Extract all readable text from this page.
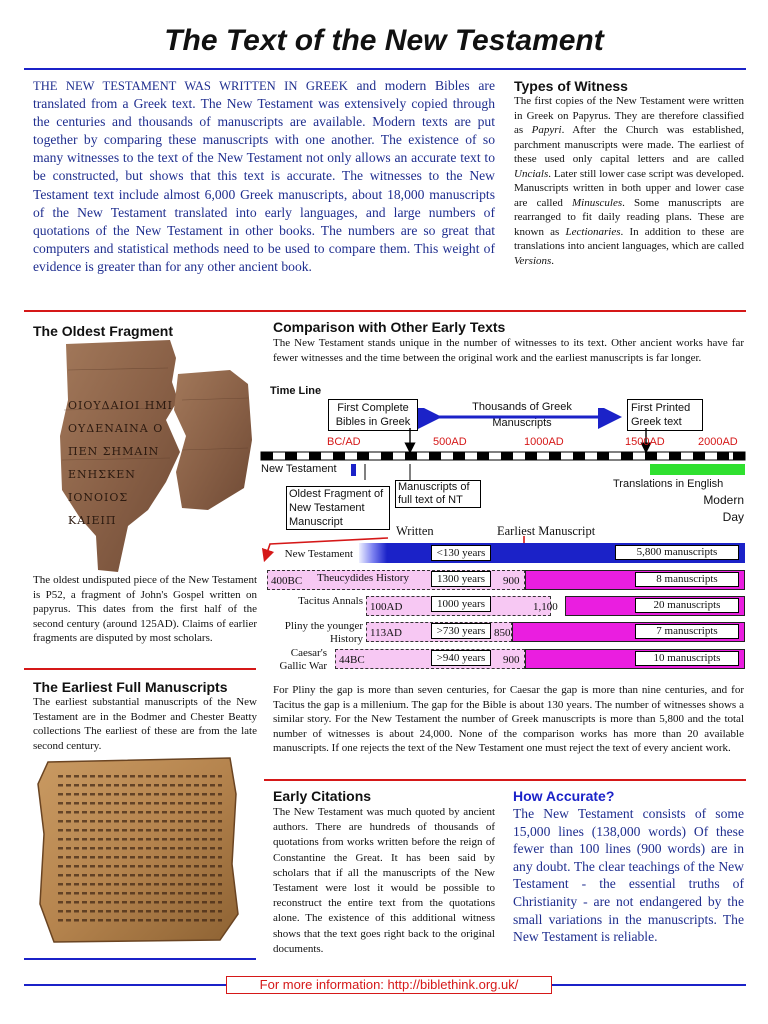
The Text of the New Testament
THE NEW TESTAMENT WAS WRITTEN IN GREEK and modern Bibles are translated from a Greek text. The New Testament was extensively copied through the centuries and thousands of manuscripts are available. Modern texts are put together by comparing these manuscripts with one another. The existence of so many witnesses to the text of the New Testament not only allows an accurate text to be constructed, but shows that this text is accurate. The witnesses to the New Testament text include almost 6,000 Greek manuscripts, about 18,000 manuscripts of the New Testament translated into early languages, and large numbers of quotations of the New Testament in other books. The numbers are so great that computers and statistical methods need to be used to compare them. This weight of evidence is greater than for any other ancient book.
Types of Witness
The first copies of the New Testament were written in Greek on Papyrus. They are therefore classified as Papyri. After the Church was established, parchment manuscripts were made. The earliest of these used only capital letters and are called Uncials. Later still lower case script was developed. Manuscripts written in both upper and lower case are called Minuscules. Some manuscripts are rearranged to fit daily reading plans. These are known as Lectionaries. In addition to these are translations into ancient languages, which are called Versions.
The Oldest Fragment
ΟΙΟΥΔΑΙΟΙ ΗΜΙ
ΟΥΔΕΝΑΙΝΑ Ο
ΠΕΝ ΣΗΜΑΙΝ
ΕΝΗΣΚΕΝ
ΙΟΝΟΙΟΣ
ΚΑΙΕΙΠ
The oldest undisputed piece of the New Testament is P52, a fragment of John's Gospel written on papyrus. This dates from the first half of the second century (around 125AD). Claims of earlier fragments are disputed by most scholars.
Comparison with Other Early Texts
The New Testament stands unique in the number of witnesses to its text. Other ancient works have far fewer witnesses and the time between the original work and the earliest manuscripts is far longer.
Time Line
First Complete Bibles in Greek
Thousands of Greek Manuscripts
First Printed Greek text
BC/AD	500AD	1000AD	1500AD	2000AD
New Testament
Manuscripts of full text of NT
Oldest Fragment of New Testament Manuscript
Translations in English
Modern Day
Written	Earliest Manuscript
New Testament	<130 years	5,800 manuscripts
400BC Theucydides History	1300 years	900	8 manuscripts
Tacitus Annals 100AD	1000 years	1,100	20 manuscripts
Pliny the younger History 113AD	>730 years 850	7 manuscripts
Caesar's Gallic War 44BC	>940 years	900	10 manuscripts
For Pliny the gap is more than seven centuries, for Caesar the gap is more than nine centuries, and for Tacitus the gap is a millenium. The gap for the Bible is about 130 years. The number of witnesses shows a similar story. For the New Testament the number of Greek manuscripts is more than 5,800 and the total number of witnesses is about 24,000. None of the comparison works has more than 20 available manuscripts. If one rejects the text of the New Testament one must reject the text of every ancient work.
The Earliest Full Manuscripts
The earliest substantial manuscripts of the New Testament are in the Bodmer and Chester Beatty collections The earliest of these are from the late second century.
Early Citations
The New Testament was much quoted by ancient authors. There are hundreds of thousands of quotations from works written before the reign of Constantine the Great. It has been said by scholars that if all the manuscripts of the New Testament were lost it would be possible to reconstruct the entire text from the quotations alone. The existence of this additional witness shows that the text goes right back to the original documents.
How Accurate?
The New Testament consists of some 15,000 lines (138,000 words) Of these fewer than 100 lines (900 words) are in any doubt. The clear teachings of the New Testament - the essential truths of Christianity - are not endangered by the small variations in the manuscripts. The New Testament is reliable.
For more information: http://biblethink.org.uk/
